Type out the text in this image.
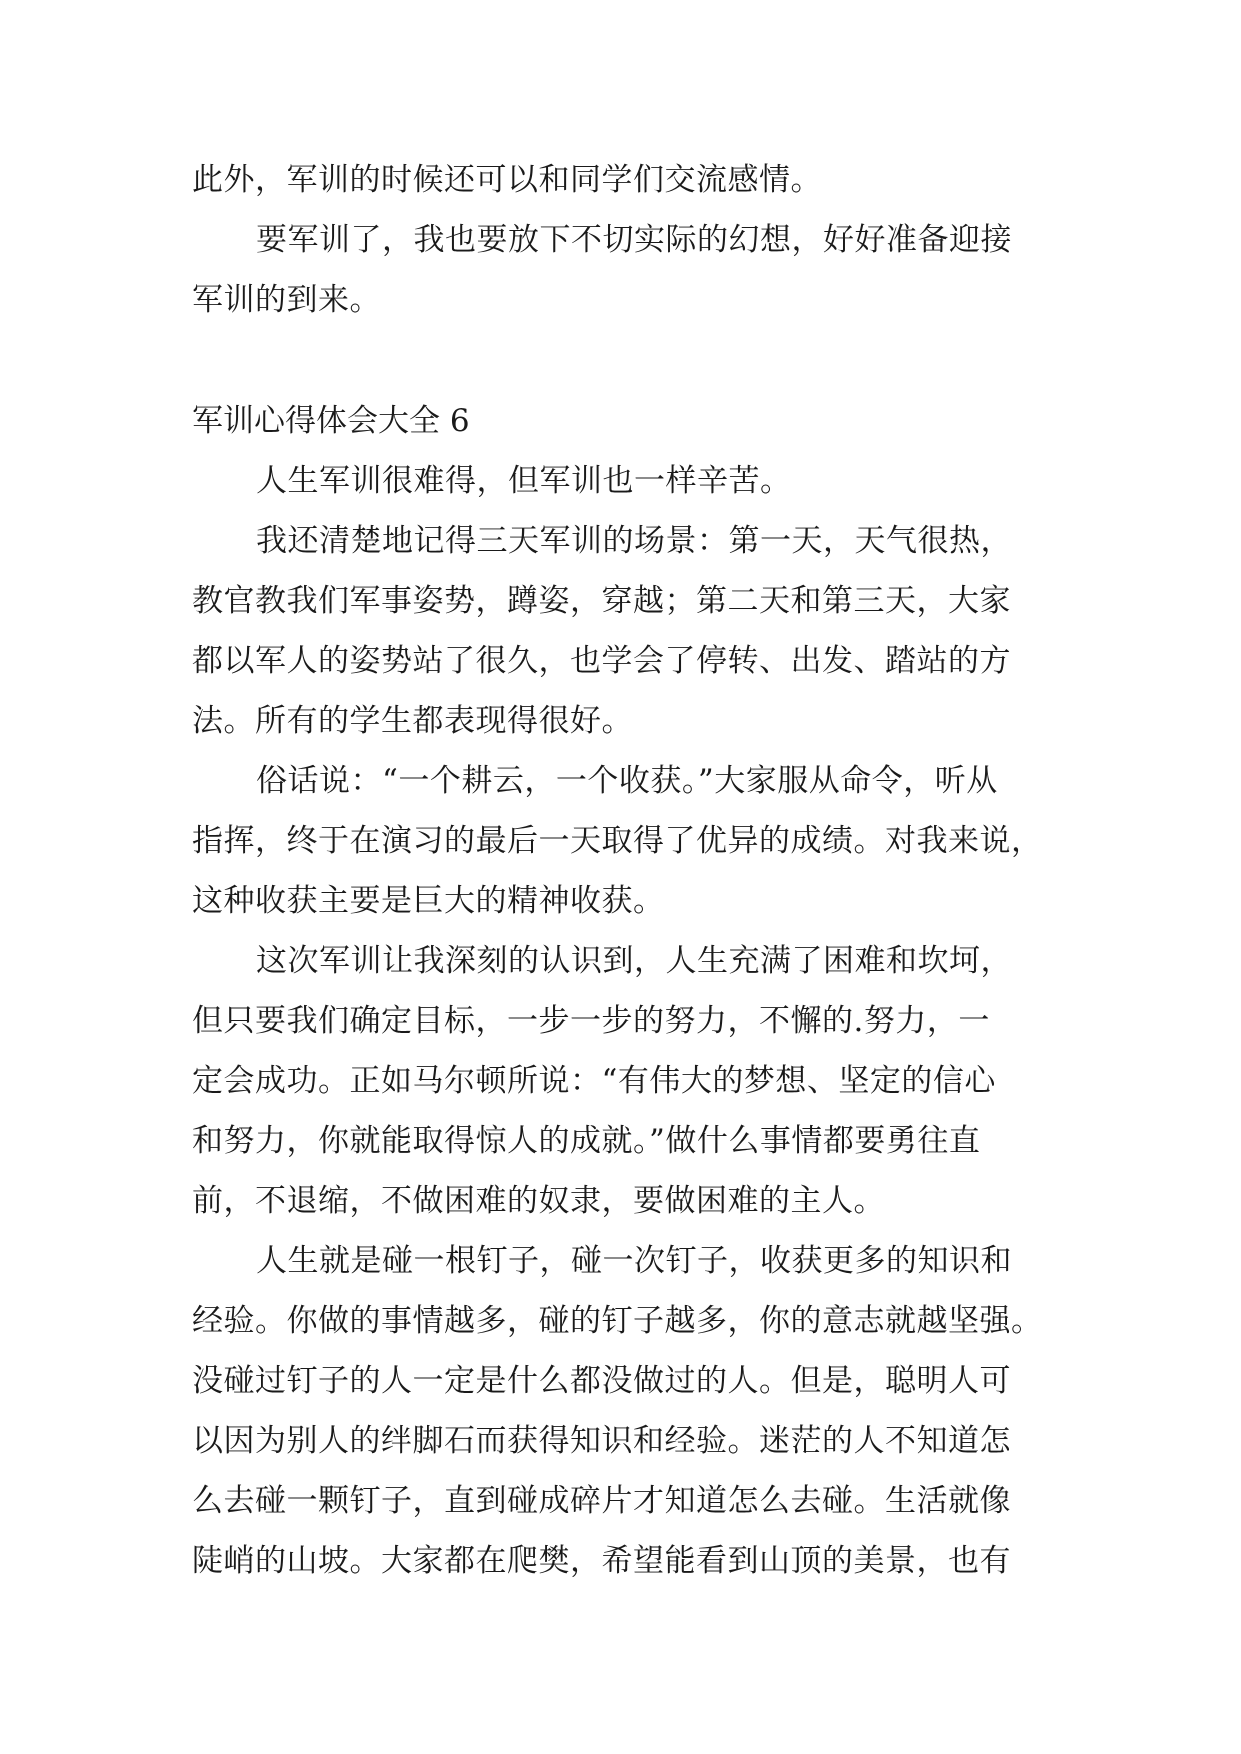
此外，军训的时候还可以和同学们交流感情。
要军训了，我也要放下不切实际的幻想，好好准备迎接
军训的到来。
军训心得体会大全 6
人生军训很难得，但军训也一样辛苦。
我还清楚地记得三天军训的场景：第一天，天气很热，
教官教我们军事姿势，蹲姿，穿越；第二天和第三天，大家
都以军人的姿势站了很久，也学会了停转、出发、踏站的方
法。所有的学生都表现得很好。
俗话说：“一个耕云，一个收获。”大家服从命令，听从
指挥，终于在演习的最后一天取得了优异的成绩。对我来说，
这种收获主要是巨大的精神收获。
这次军训让我深刻的认识到，人生充满了困难和坎坷，
但只要我们确定目标，一步一步的努力，不懈的.努力，一
定会成功。正如马尔顿所说：“有伟大的梦想、坚定的信心
和努力，你就能取得惊人的成就。”做什么事情都要勇往直
前，不退缩，不做困难的奴隶，要做困难的主人。
人生就是碰一根钉子，碰一次钉子，收获更多的知识和
经验。你做的事情越多，碰的钉子越多，你的意志就越坚强。
没碰过钉子的人一定是什么都没做过的人。但是，聪明人可
以因为别人的绊脚石而获得知识和经验。迷茫的人不知道怎
么去碰一颗钉子，直到碰成碎片才知道怎么去碰。生活就像
陡峭的山坡。大家都在爬樊，希望能看到山顶的美景，也有
